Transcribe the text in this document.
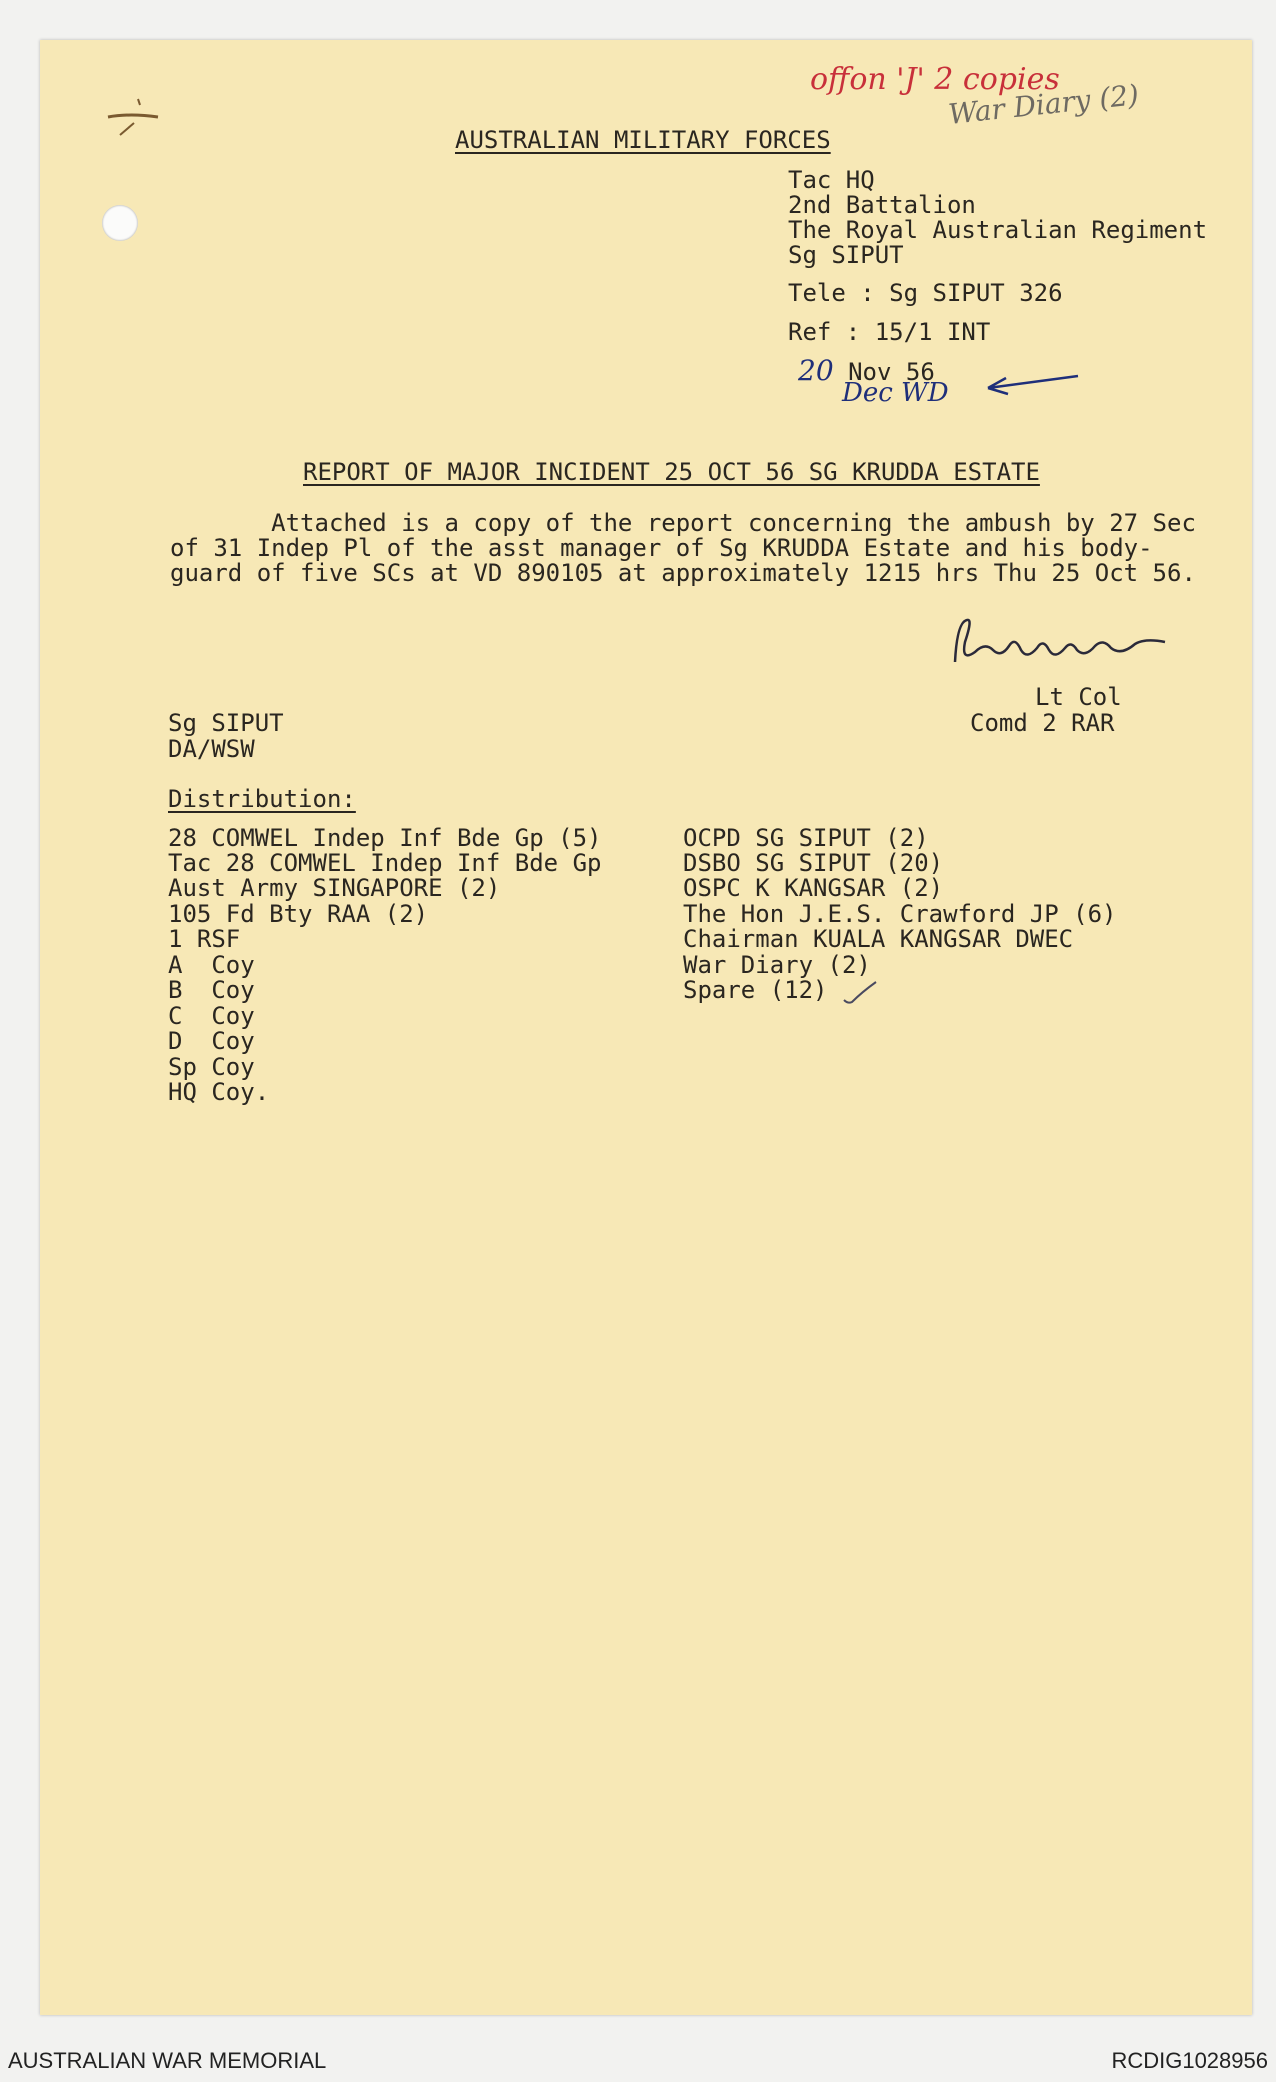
offon 'J' 2 copies
War Diary (2)
AUSTRALIAN MILITARY FORCES
Tac HQ
2nd Battalion
The Royal Australian Regiment
Sg SIPUT
Tele : Sg SIPUT 326
Ref : 15/1 INT
20 Nov 56
Dec WD
REPORT OF MAJOR INCIDENT 25 OCT 56 SG KRUDDA ESTATE
Attached is a copy of the report concerning the ambush by 27 Sec
of 31 Indep Pl of the asst manager of Sg KRUDDA Estate and his body-
guard of five SCs at VD 890105 at approximately 1215 hrs Thu 25 Oct 56.
Lt Col
Comd 2 RAR
Sg SIPUT
DA/WSW
Distribution:
28 COMWEL Indep Inf Bde Gp (5)
Tac 28 COMWEL Indep Inf Bde Gp
Aust Army SINGAPORE (2)
105 Fd Bty RAA (2)
1 RSF
A  Coy
B  Coy
C  Coy
D  Coy
Sp Coy
HQ Coy.
OCPD SG SIPUT (2)
DSBO SG SIPUT (20)
OSPC K KANGSAR (2)
The Hon J.E.S. Crawford JP (6)
Chairman KUALA KANGSAR DWEC
War Diary (2)
Spare (12)
AUSTRALIAN WAR MEMORIAL	RCDIG1028956
